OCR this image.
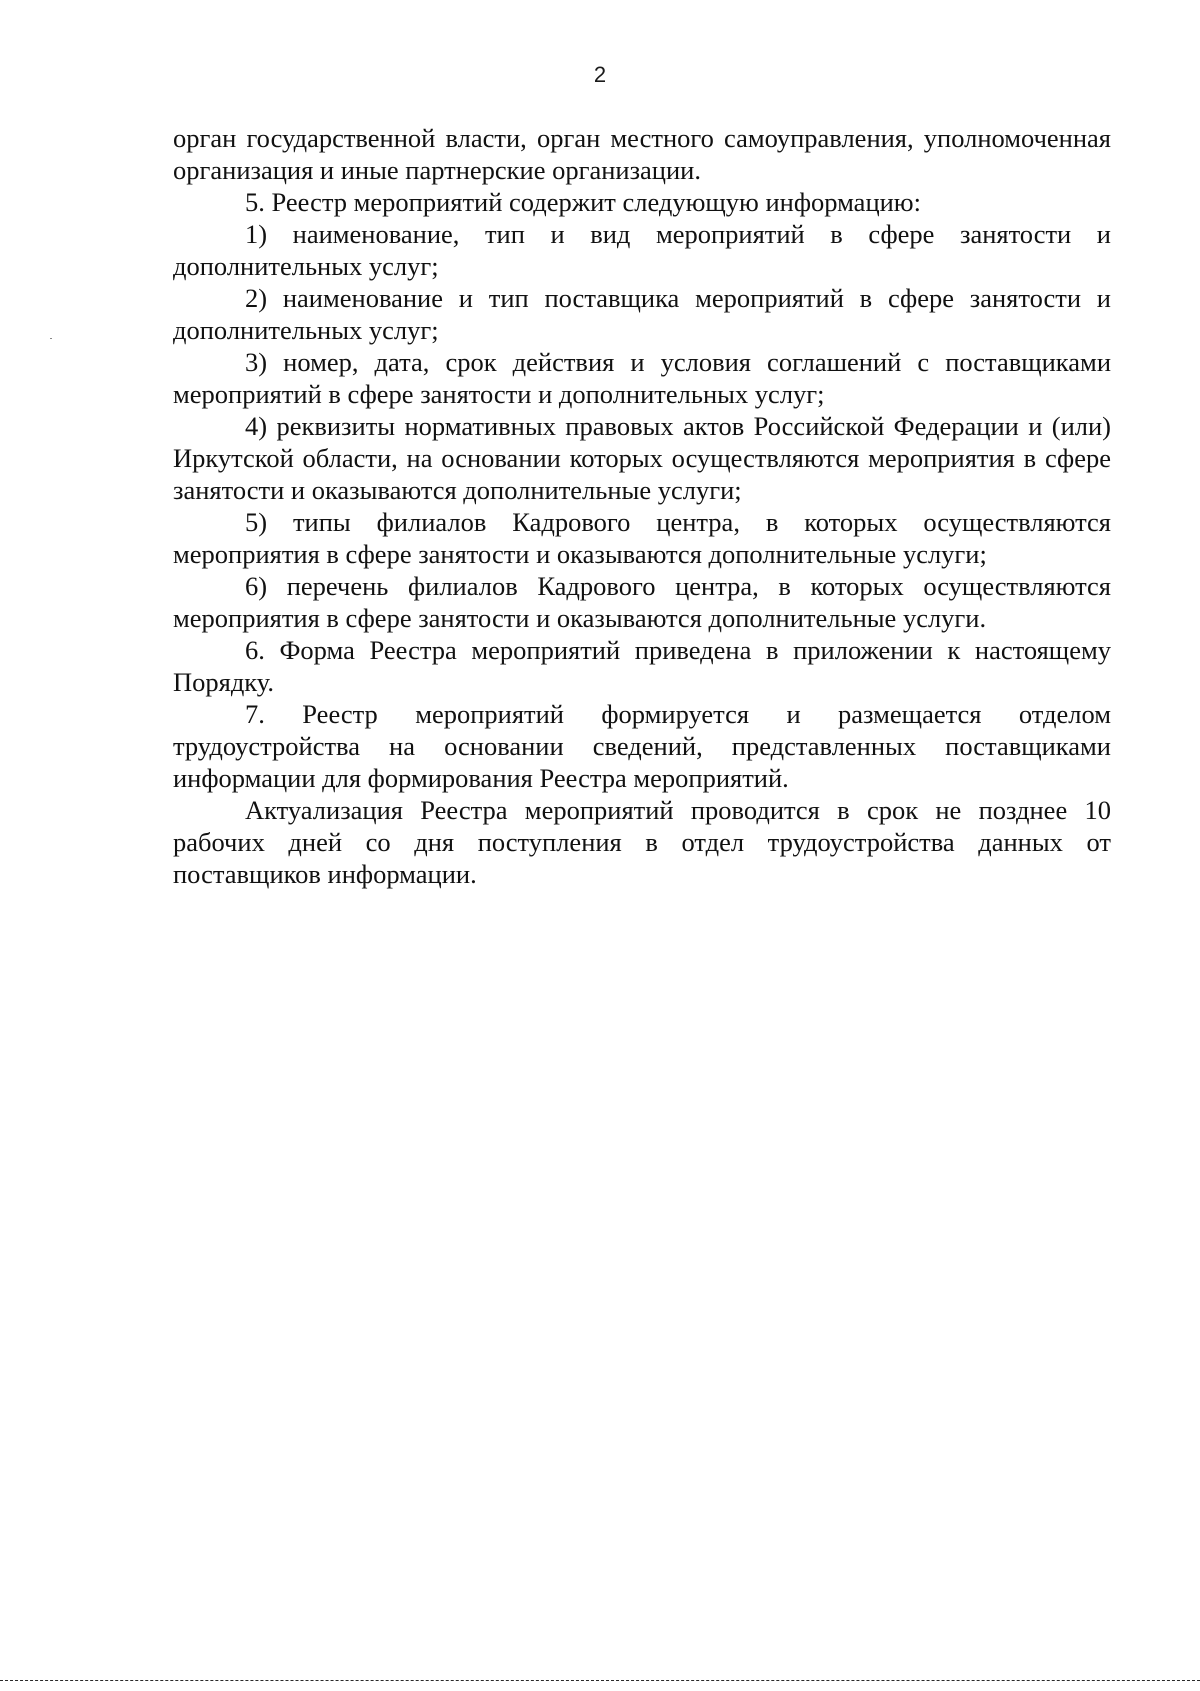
2

орган государственной власти, орган местного самоуправления, уполномоченная организация и иные партнерские организации.

5. Реестр мероприятий содержит следующую информацию:

1) наименование, тип и вид мероприятий в сфере занятости и дополнительных услуг;

2) наименование и тип поставщика мероприятий в сфере занятости и дополнительных услуг;

3) номер, дата, срок действия и условия соглашений с поставщиками мероприятий в сфере занятости и дополнительных услуг;

4) реквизиты нормативных правовых актов Российской Федерации и (или) Иркутской области, на основании которых осуществляются мероприятия в сфере занятости и оказываются дополнительные услуги;

5) типы филиалов Кадрового центра, в которых осуществляются мероприятия в сфере занятости и оказываются дополнительные услуги;

6) перечень филиалов Кадрового центра, в которых осуществляются мероприятия в сфере занятости и оказываются дополнительные услуги.

6. Форма Реестра мероприятий приведена в приложении к настоящему Порядку.

7. Реестр мероприятий формируется и размещается отделом трудоустройства на основании сведений, представленных поставщиками информации для формирования Реестра мероприятий.

Актуализация Реестра мероприятий проводится в срок не позднее 10 рабочих дней со дня поступления в отдел трудоустройства данных от поставщиков информации.
